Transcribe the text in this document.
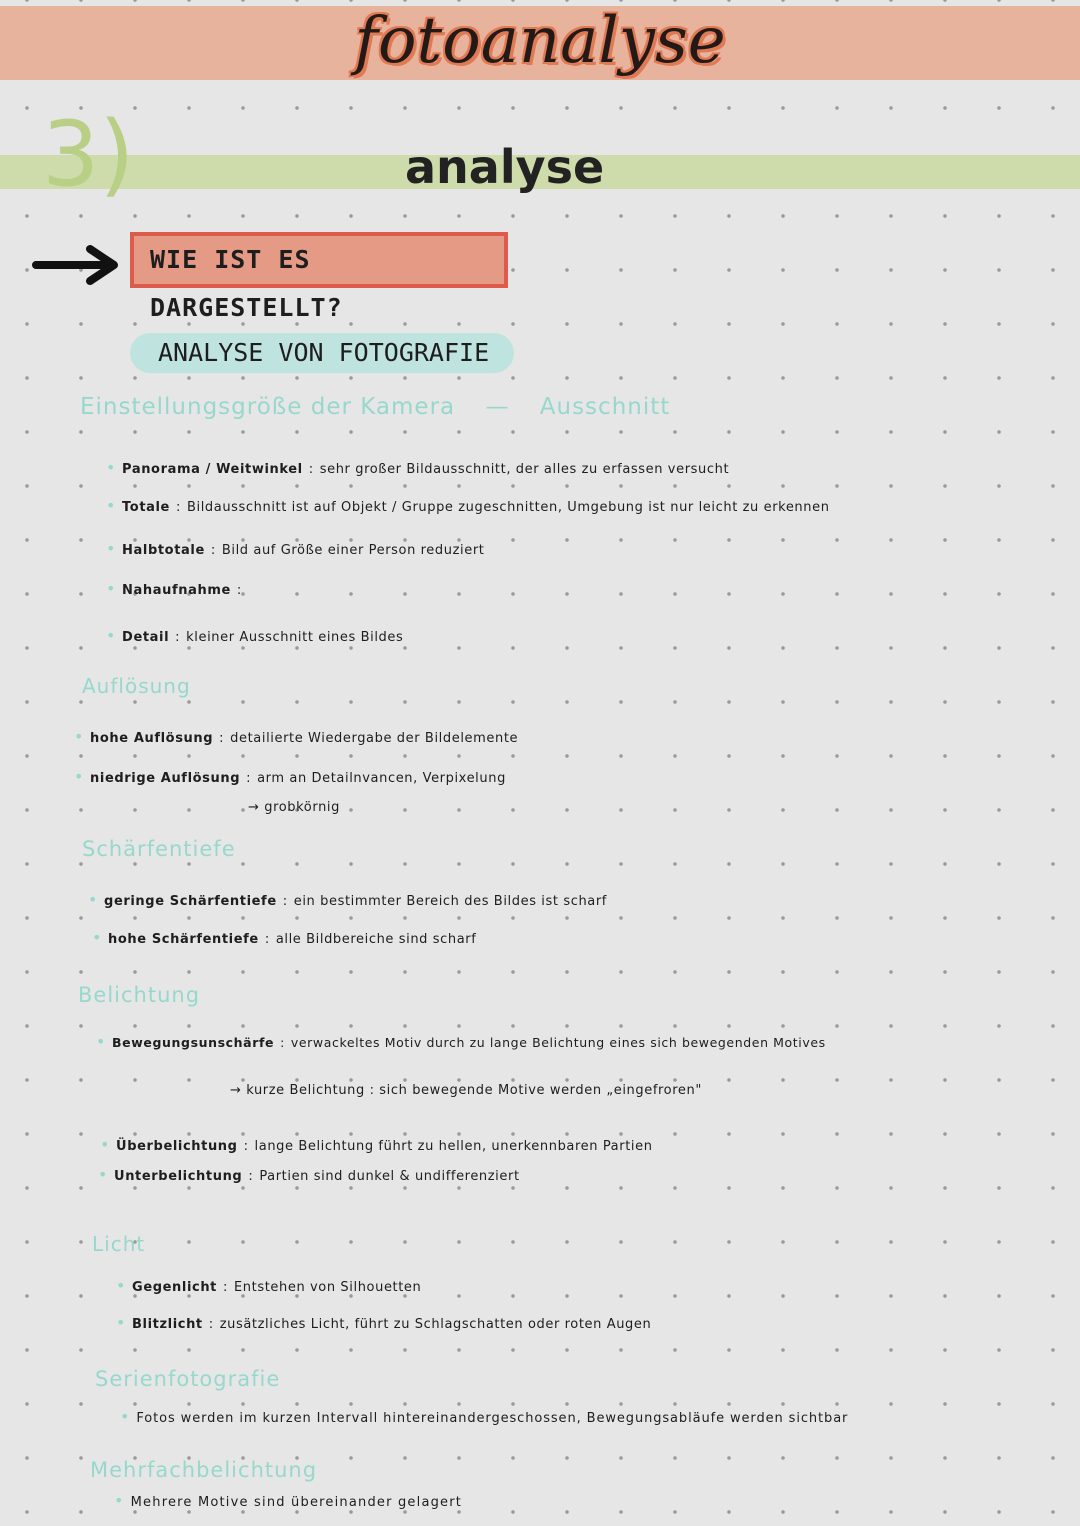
fotoanalyse
3)	analyse
WIE IST ES DARGESTELLT?
ANALYSE VON FOTOGRAFIE
Einstellungsgröße der Kamera — Ausschnitt
• Panorama / Weitwinkel : sehr großer Bildausschnitt, der alles zu erfassen versucht
• Totale : Bildausschnitt ist auf Objekt / Gruppe zugeschnitten, Umgebung ist nur leicht zu erkennen
• Halbtotale : Bild auf Größe einer Person reduziert
• Nahaufnahme :
• Detail : kleiner Ausschnitt eines Bildes
Auflösung
• hohe Auflösung : detailierte Wiedergabe der Bildelemente
• niedrige Auflösung : arm an Detailnvancen, Verpixelung
→ grobkörnig
Schärfentiefe
• geringe Schärfentiefe : ein bestimmter Bereich des Bildes ist scharf
• hohe Schärfentiefe : alle Bildbereiche sind scharf
Belichtung
• Bewegungsunschärfe : verwackeltes Motiv durch zu lange Belichtung eines sich bewegenden Motives
→ kurze Belichtung : sich bewegende Motive werden „eingefroren"
• Überbelichtung : lange Belichtung führt zu hellen, unerkennbaren Partien
• Unterbelichtung : Partien sind dunkel & undifferenziert
Licht
• Gegenlicht : Entstehen von Silhouetten
• Blitzlicht : zusätzliches Licht, führt zu Schlagschatten oder roten Augen
Serienfotografie
• Fotos werden im kurzen Intervall hintereinandergeschossen, Bewegungsabläufe werden sichtbar
Mehrfachbelichtung
• Mehrere Motive sind übereinander gelagert
